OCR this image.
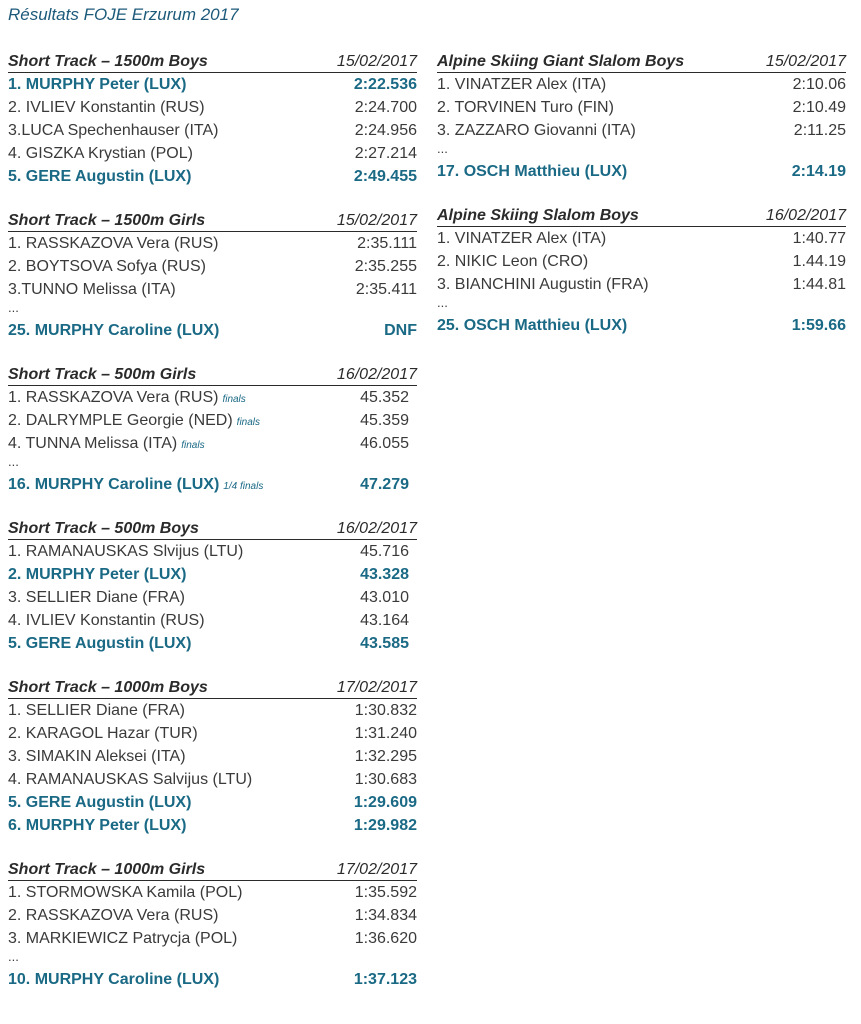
Résultats FOJE Erzurum 2017
Short Track – 1500m Boys	15/02/2017
1. MURPHY Peter (LUX)	2:22.536
2. IVLIEV Konstantin (RUS)	2:24.700
3.LUCA Spechenhauser (ITA)	2:24.956
4. GISZKA Krystian (POL)	2:27.214
5. GERE Augustin (LUX)	2:49.455
Short Track – 1500m Girls	15/02/2017
1. RASSKAZOVA Vera (RUS)	2:35.111
2. BOYTSOVA Sofya (RUS)	2:35.255
3.TUNNO Melissa (ITA)	2:35.411
...
25. MURPHY Caroline (LUX)	DNF
Short Track – 500m Girls	16/02/2017
1. RASSKAZOVA Vera (RUS) finals	45.352
2. DALRYMPLE Georgie (NED) finals	45.359
4. TUNNA Melissa (ITA) finals	46.055
...
16. MURPHY Caroline (LUX) 1/4 finals	47.279
Short Track – 500m Boys	16/02/2017
1. RAMANAUSKAS Slvijus (LTU)	45.716
2. MURPHY Peter (LUX)	43.328
3. SELLIER Diane (FRA)	43.010
4. IVLIEV Konstantin (RUS)	43.164
5. GERE Augustin (LUX)	43.585
Short Track – 1000m Boys	17/02/2017
1. SELLIER Diane (FRA)	1:30.832
2. KARAGOL Hazar (TUR)	1:31.240
3. SIMAKIN Aleksei (ITA)	1:32.295
4. RAMANAUSKAS Salvijus (LTU)	1:30.683
5. GERE Augustin (LUX)	1:29.609
6. MURPHY Peter (LUX)	1:29.982
Short Track – 1000m Girls	17/02/2017
1. STORMOWSKA Kamila (POL)	1:35.592
2. RASSKAZOVA Vera (RUS)	1:34.834
3. MARKIEWICZ Patrycja (POL)	1:36.620
...
10. MURPHY Caroline (LUX)	1:37.123
Alpine Skiing Giant Slalom Boys	15/02/2017
1. VINATZER Alex (ITA)	2:10.06
2. TORVINEN Turo (FIN)	2:10.49
3. ZAZZARO Giovanni (ITA)	2:11.25
...
17. OSCH Matthieu (LUX)	2:14.19
Alpine Skiing Slalom Boys	16/02/2017
1. VINATZER Alex (ITA)	1:40.77
2. NIKIC Leon (CRO)	1.44.19
3. BIANCHINI Augustin (FRA)	1:44.81
...
25. OSCH Matthieu (LUX)	1:59.66
